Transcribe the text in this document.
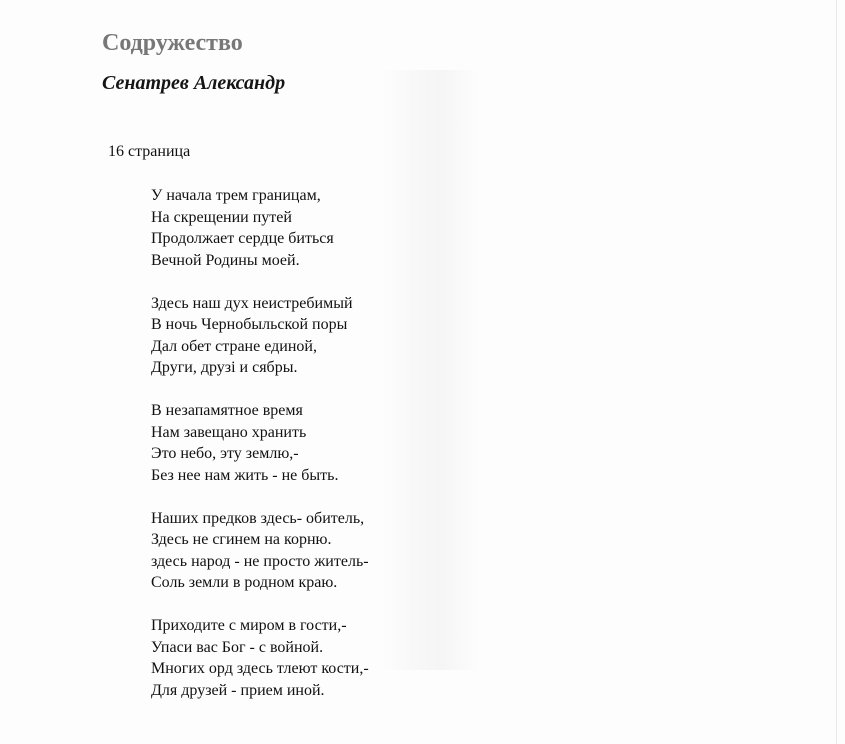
Содружество
Сенатрев Александр

16 страница

У начала трем границам,
На скрещении путей
Продолжает сердце биться
Вечной Родины моей.
Здесь наш дух неистребимый
В ночь Чернобыльской поры
Дал обет стране единой,
Други, друзі и сябры.
В незапамятное время
Нам завещано хранить
Это небо, эту землю,-
Без нее нам жить - не быть.
Наших предков здесь- обитель,
Здесь не сгинем на корню.
здесь народ - не просто житель-
Соль земли в родном краю.
Приходите с миром в гости,-
Упаси вас Бог - с войной.
Многих орд здесь тлеют кости,-
Для друзей - прием иной.
